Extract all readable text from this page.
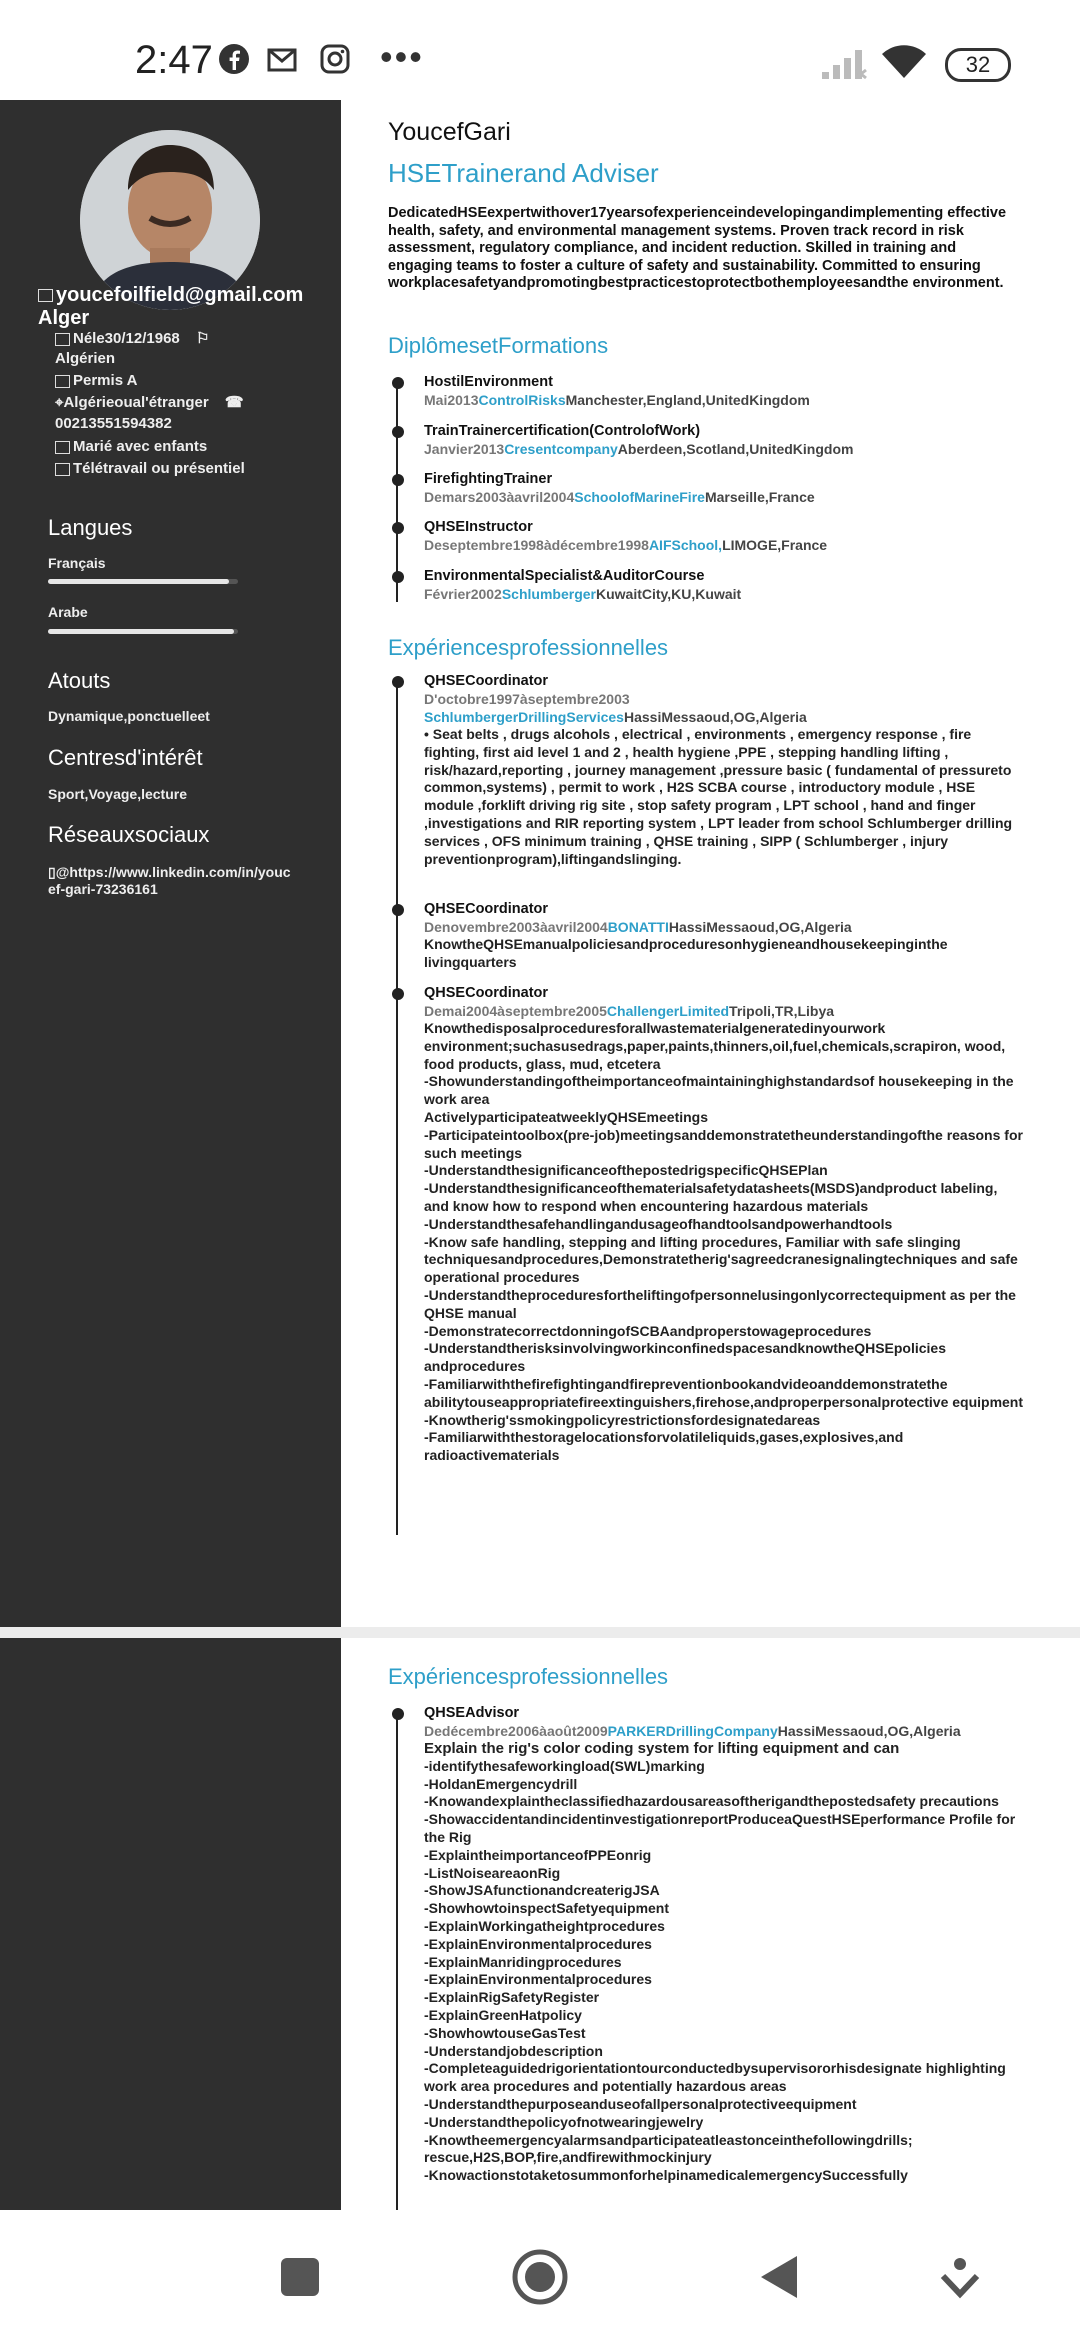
2:47	•••	32
youcefoilfield@gmail.com Alger
Néle30/12/1968 ⚐
Algérien
Permis A
⌖Algérieoual'étranger ☎
00213551594382
Marié avec enfants
Télétravail ou présentiel
Langues
Français
Arabe
Atouts
Dynamique,ponctuelleet
Centresd'intérêt
Sport,Voyage,lecture
Réseauxsociaux
▯@https://www.linkedin.com/in/youcef-gari-73236161
YoucefGari
HSETrainerand Adviser
DedicatedHSEexpertwithover17yearsofexperienceindevelopingandimplementing effective health, safety, and environmental management systems. Proven track record in risk assessment, regulatory compliance, and incident reduction. Skilled in training and engaging teams to foster a culture of safety and sustainability. Committed to ensuring workplacesafetyandpromotingbestpracticestoprotectbothemployeesandthe environment.
DiplômesetFormations
HostilEnvironment
Mai2013ControlRisksManchester,England,UnitedKingdom
TrainTrainercertification(ControlofWork)
Janvier2013CresentcompanyAberdeen,Scotland,UnitedKingdom
FirefightingTrainer
Demars2003àavril2004SchoolofMarineFireMarseille,France
QHSEInstructor
Deseptembre1998àdécembre1998AIFSchool,LIMOGE,France
EnvironmentalSpecialist&AuditorCourse
Février2002SchlumbergerKuwaitCity,KU,Kuwait
Expériencesprofessionnelles
QHSECoordinator
D'octobre1997àseptembre2003
SchlumbergerDrillingServicesHassiMessaoud,OG,Algeria
• Seat belts , drugs alcohols , electrical , environments , emergency response , fire fighting, first aid level 1 and 2 , health hygiene ,PPE , stepping handling lifting , risk/hazard,reporting , journey management ,pressure basic ( fundamental of pressureto common,systems) , permit to work , H2S SCBA course , introductory module , HSE module ,forklift driving rig site , stop safety program , LPT school , hand and finger
,investigations and RIR reporting system , LPT leader from school Schlumberger drilling services , OFS minimum training , QHSE training , SIPP ( Schlumberger , injury preventionprogram),liftingandslinging.
QHSECoordinator
Denovembre2003àavril2004BONATTIHassiMessaoud,OG,Algeria
KnowtheQHSEmanualpoliciesandproceduresonhygieneandhousekeepinginthe livingquarters
QHSECoordinator
Demai2004àseptembre2005ChallengerLimitedTripoli,TR,Libya
Knowthedisposalproceduresforallwastematerialgeneratedinyourwork environment;suchasusedrags,paper,paints,thinners,oil,fuel,chemicals,scrapiron, wood, food products, glass, mud, etcetera
-Showunderstandingoftheimportanceofmaintaininghighstandardsof housekeeping in the work area
ActivelyparticipateatweeklyQHSEmeetings
-Participateintoolbox(pre-job)meetingsanddemonstratetheunderstandingofthe reasons for such meetings
-UnderstandthesignificanceofthepostedrigspecificQHSEPlan
-Understandthesignificanceofthematerialsafetydatasheets(MSDS)andproduct labeling, and know how to respond when encountering hazardous materials
-Understandthesafehandlingandusageofhandtoolsandpowerhandtools
-Know safe handling, stepping and lifting procedures, Familiar with safe slinging
techniquesandprocedures,Demonstratetherig'sagreedcranesignalingtechniques and safe operational procedures
-Understandtheproceduresfortheliftingofpersonnelusingonlycorrectequipment as per the QHSE manual
-DemonstratecorrectdonningofSCBAandproperstowageprocedures
-UnderstandtherisksinvolvingworkinconfinedspacesandknowtheQHSEpolicies andprocedures
-Familiarwiththefirefightingandfirepreventionbookandvideoanddemonstratethe abilitytouseappropriatefireextinguishers,firehose,andproperpersonalprotective equipment
-Knowtherig'ssmokingpolicyrestrictionsfordesignatedareas
-Familiarwiththestoragelocationsforvolatileliquids,gases,explosives,and radioactivematerials
Expériencesprofessionnelles
QHSEAdvisor
Dedécembre2006àaoût2009PARKERDrillingCompanyHassiMessaoud,OG,Algeria
Explain the rig's color coding system for lifting equipment and can
-identifythesafeworkingload(SWL)marking
-HoldanEmergencydrill
-Knowandexplaintheclassifiedhazardousareasoftherigandthepostedsafety precautions
-ShowaccidentandincidentinvestigationreportProduceaQuestHSEperformance Profile for the Rig
-ExplaintheimportanceofPPEonrig
-ListNoiseareaonRig
-ShowJSAfunctionandcreaterigJSA
-ShowhowtoinspectSafetyequipment
-ExplainWorkingatheightprocedures
-ExplainEnvironmentalprocedures
-ExplainManridingprocedures
-ExplainEnvironmentalprocedures
-ExplainRigSafetyRegister
-ExplainGreenHatpolicy
-ShowhowtouseGasTest
-Understandjobdescription
-Completeaguidedrigorientationtourconductedbysupervisororhisdesignate highlighting work area procedures and potentially hazardous areas
-Understandthepurposeanduseofallpersonalprotectiveequipment
-Understandthepolicyofnotwearingjewelry
-Knowtheemergencyalarmsandparticipateatleastonceinthefollowingdrills; rescue,H2S,BOP,fire,andfirewithmockinjury
-KnowactionstotaketosummonforhelpinamedicalemergencySuccessfully
